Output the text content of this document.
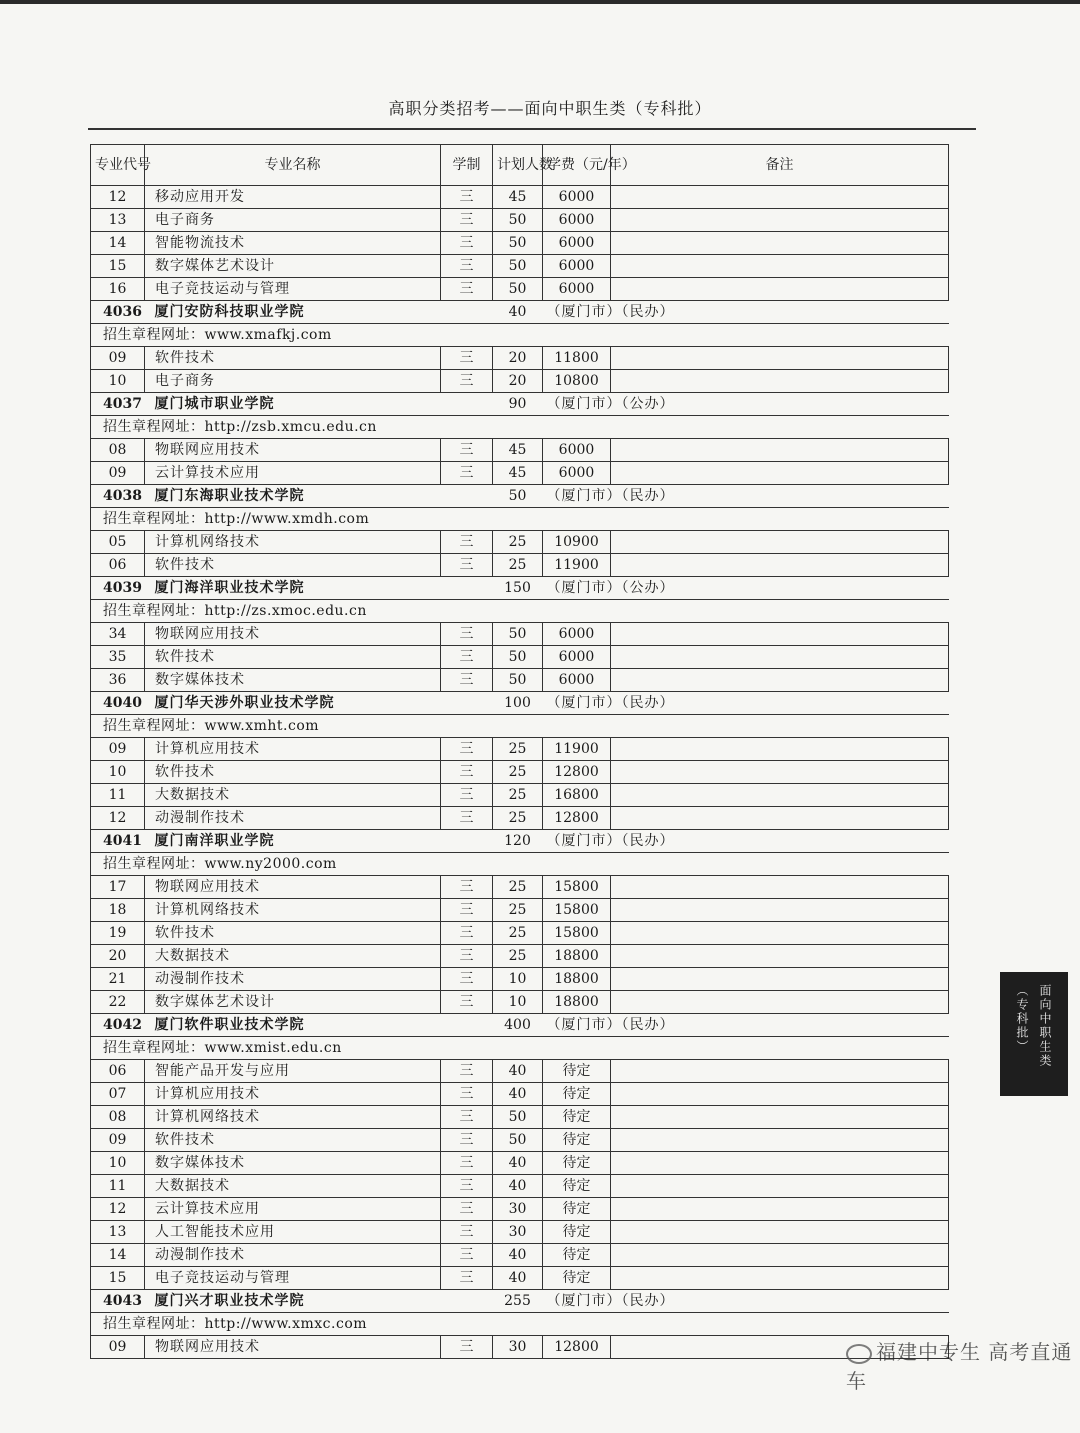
高职分类招考——面向中职生类（专科批）
专业代号	专业名称	学制	计划人数	学费（元/年）	备注
12	移动应用开发	三	45	6000	
13	电子商务	三	50	6000	
14	智能物流技术	三	50	6000	
15	数字媒体艺术设计	三	50	6000	
16	电子竞技运动与管理	三	50	6000	
4036	厦门安防科技职业学院		40	（厦门市）（民办）	
招生章程网址：www.xmafkj.com					
09	软件技术	三	20	11800	
10	电子商务	三	20	10800	
4037	厦门城市职业学院		90	（厦门市）（公办）	
招生章程网址：http://zsb.xmcu.edu.cn					
08	物联网应用技术	三	45	6000	
09	云计算技术应用	三	45	6000	
4038	厦门东海职业技术学院		50	（厦门市）（民办）	
招生章程网址：http://www.xmdh.com					
05	计算机网络技术	三	25	10900	
06	软件技术	三	25	11900	
4039	厦门海洋职业技术学院		150	（厦门市）（公办）	
招生章程网址：http://zs.xmoc.edu.cn					
34	物联网应用技术	三	50	6000	
35	软件技术	三	50	6000	
36	数字媒体技术	三	50	6000	
4040	厦门华天涉外职业技术学院		100	（厦门市）（民办）	
招生章程网址：www.xmht.com					
09	计算机应用技术	三	25	11900	
10	软件技术	三	25	12800	
11	大数据技术	三	25	16800	
12	动漫制作技术	三	25	12800	
4041	厦门南洋职业学院		120	（厦门市）（民办）	
招生章程网址：www.ny2000.com					
17	物联网应用技术	三	25	15800	
18	计算机网络技术	三	25	15800	
19	软件技术	三	25	15800	
20	大数据技术	三	25	18800	
21	动漫制作技术	三	10	18800	
22	数字媒体艺术设计	三	10	18800	
4042	厦门软件职业技术学院		400	（厦门市）（民办）	
招生章程网址：www.xmist.edu.cn					
06	智能产品开发与应用	三	40	待定	
07	计算机应用技术	三	40	待定	
08	计算机网络技术	三	50	待定	
09	软件技术	三	50	待定	
10	数字媒体技术	三	40	待定	
11	大数据技术	三	40	待定	
12	云计算技术应用	三	30	待定	
13	人工智能技术应用	三	30	待定	
14	动漫制作技术	三	40	待定	
15	电子竞技运动与管理	三	40	待定	
4043	厦门兴才职业技术学院		255	（厦门市）（民办）	
招生章程网址：http://www.xmxc.com					
09	物联网应用技术	三	30	12800	
面向中职生类
（专科批）
福建中专生 高考直通车
